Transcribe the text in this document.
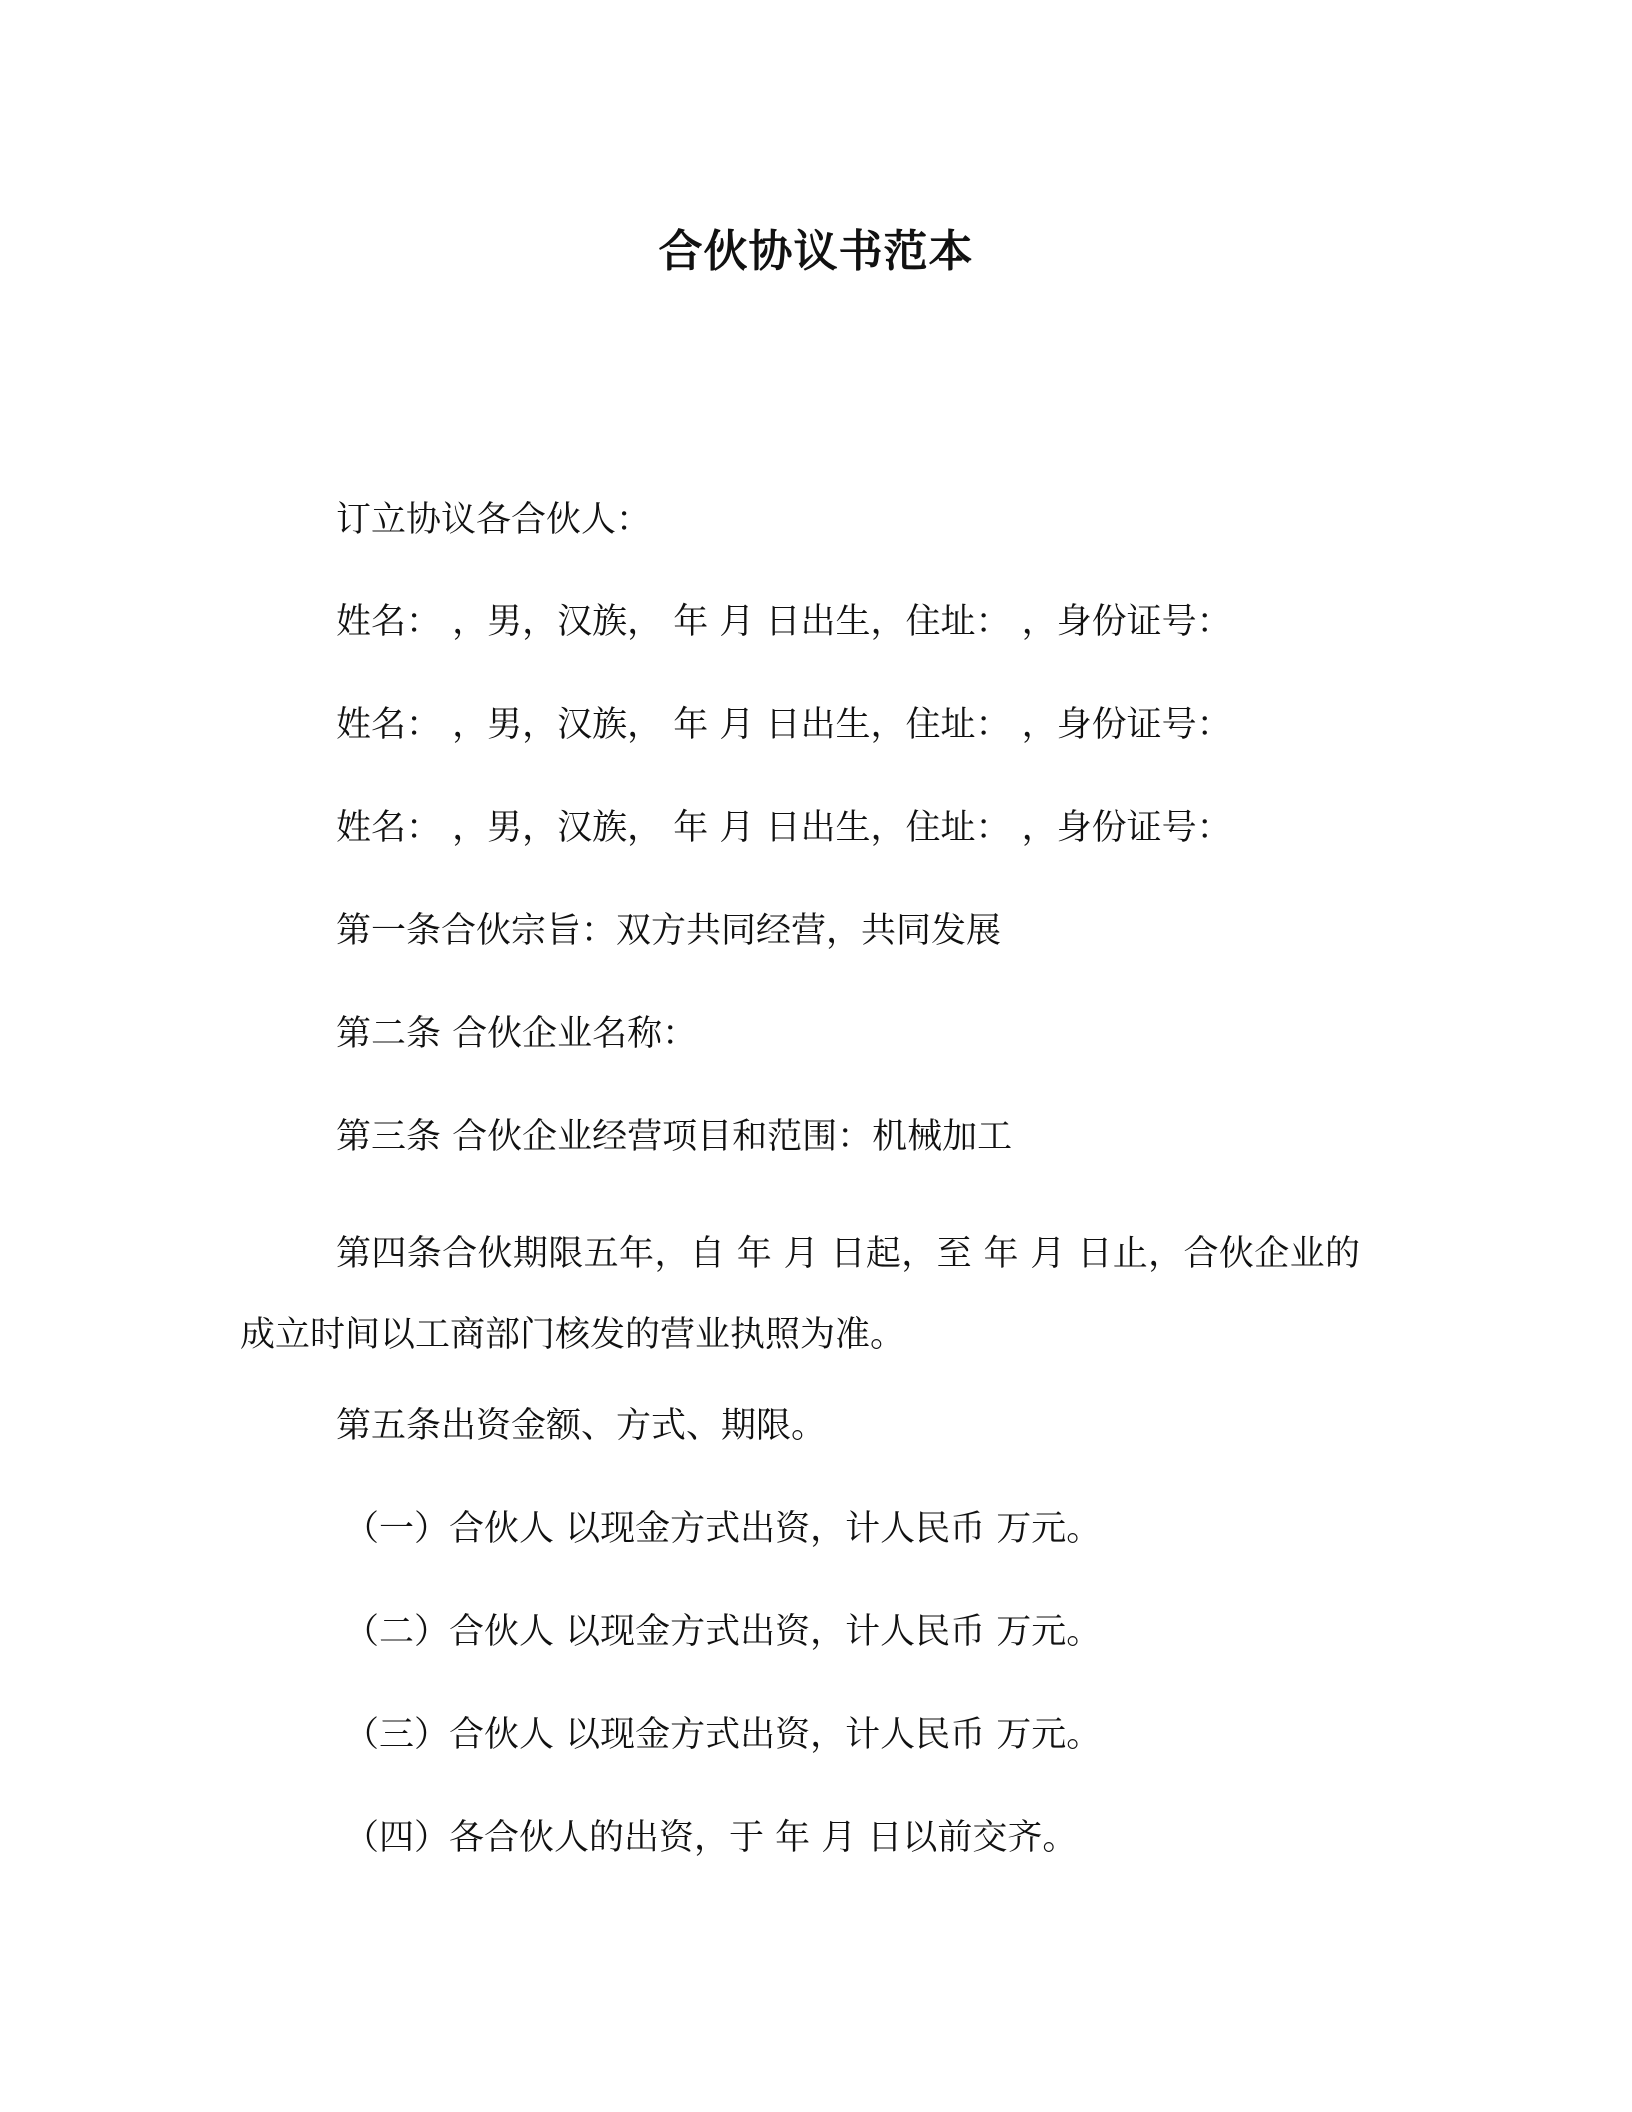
合伙协议书范本
订立协议各合伙人：
姓名： ，男，汉族， 年 月 日出生，住址： ，身份证号：
姓名： ，男，汉族， 年 月 日出生，住址： ，身份证号：
姓名： ，男，汉族， 年 月 日出生，住址： ，身份证号：
第一条合伙宗旨：双方共同经营，共同发展
第二条 合伙企业名称：
第三条 合伙企业经营项目和范围：机械加工
第四条合伙期限五年，自 年 月 日起，至 年 月 日止，合伙企业的成立时间以工商部门核发的营业执照为准。
第五条出资金额、方式、期限。
（一）合伙人 以现金方式出资，计人民币 万元。
（二）合伙人 以现金方式出资，计人民币 万元。
（三）合伙人 以现金方式出资，计人民币 万元。
（四）各合伙人的出资，于 年 月 日以前交齐。
